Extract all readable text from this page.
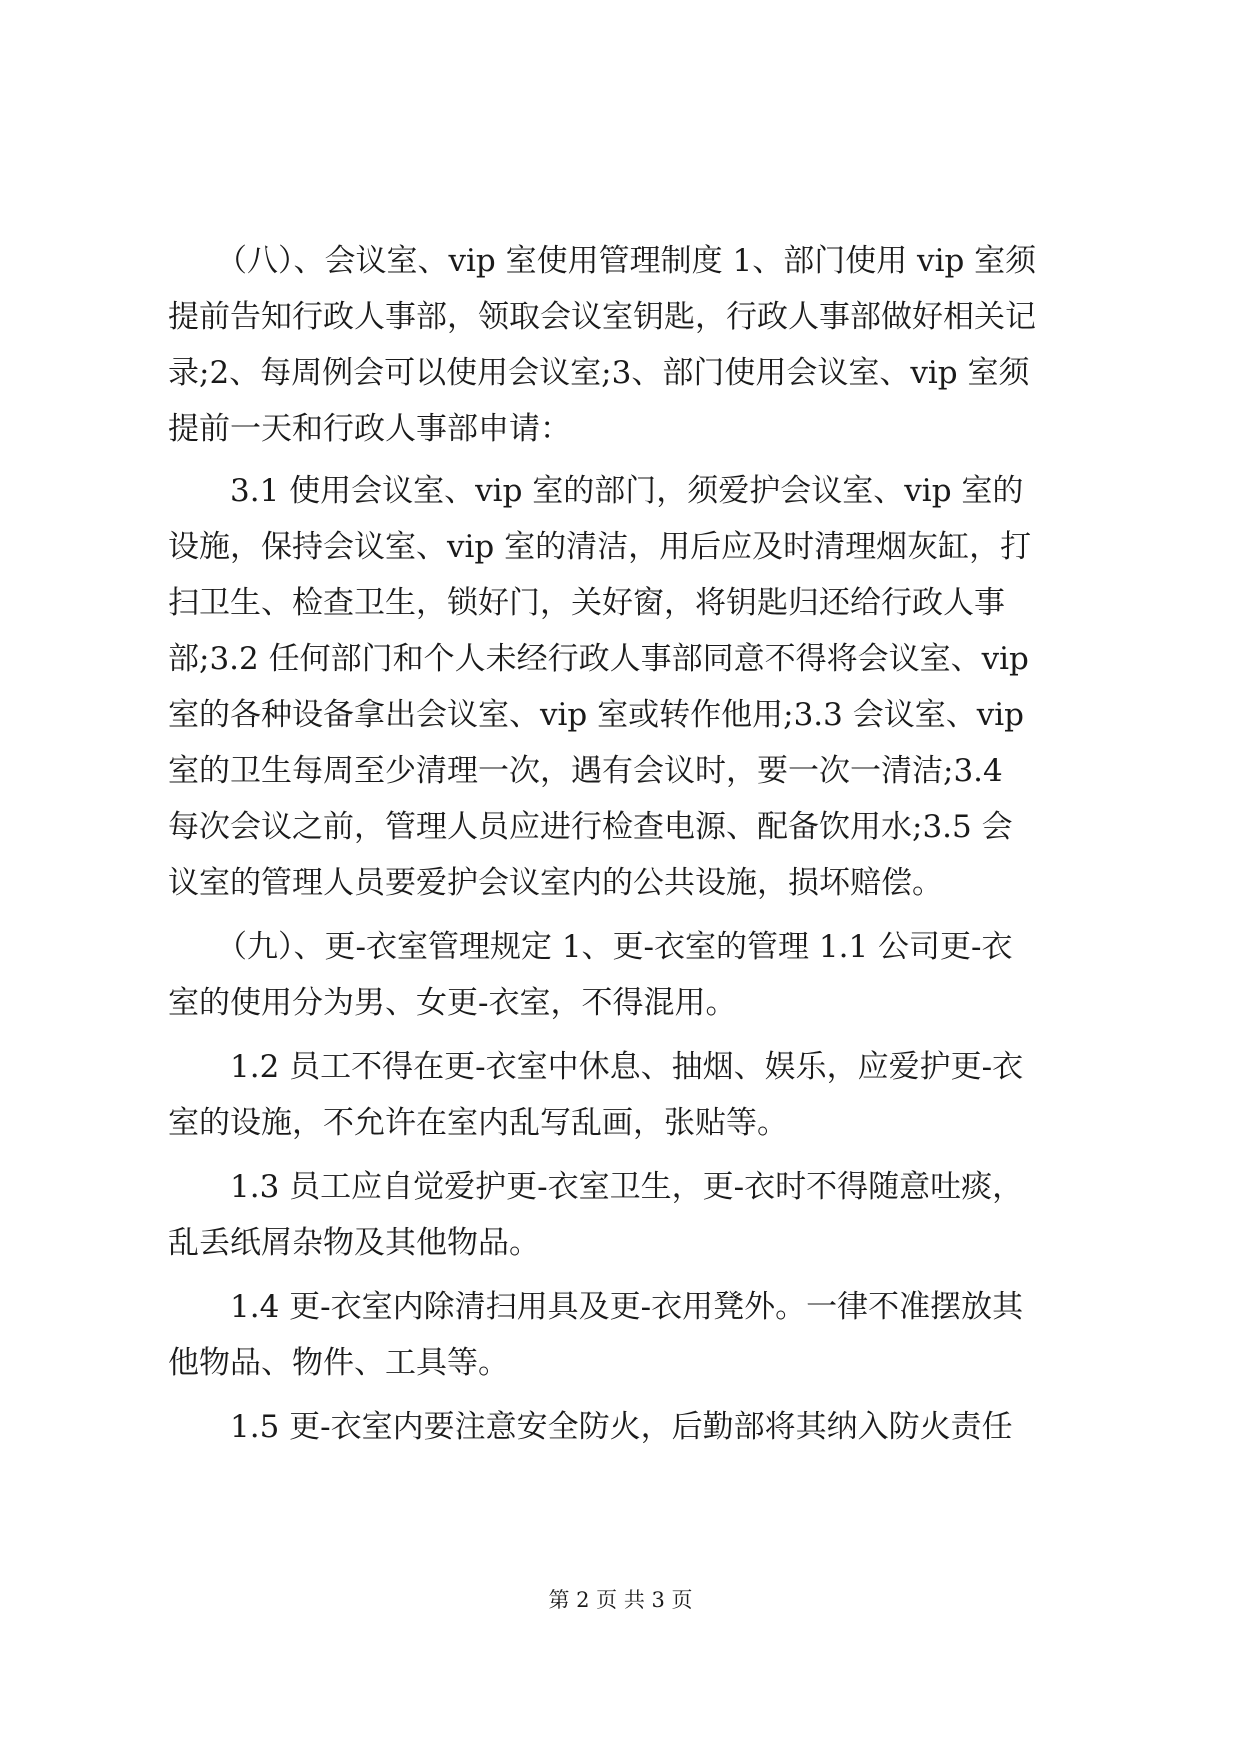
（八）、会议室、vip 室使用管理制度 1、部门使用 vip 室须
提前告知行政人事部，领取会议室钥匙，行政人事部做好相关记
录;2、每周例会可以使用会议室;3、部门使用会议室、vip 室须
提前一天和行政人事部申请：
3.1 使用会议室、vip 室的部门，须爱护会议室、vip 室的
设施，保持会议室、vip 室的清洁，用后应及时清理烟灰缸，打
扫卫生、检查卫生，锁好门，关好窗，将钥匙归还给行政人事
部;3.2 任何部门和个人未经行政人事部同意不得将会议室、vip
室的各种设备拿出会议室、vip 室或转作他用;3.3 会议室、vip
室的卫生每周至少清理一次，遇有会议时，要一次一清洁;3.4
每次会议之前，管理人员应进行检查电源、配备饮用水;3.5 会
议室的管理人员要爱护会议室内的公共设施，损坏赔偿。
（九）、更-衣室管理规定 1、更-衣室的管理 1.1 公司更-衣
室的使用分为男、女更-衣室，不得混用。
1.2 员工不得在更-衣室中休息、抽烟、娱乐，应爱护更-衣
室的设施，不允许在室内乱写乱画，张贴等。
1.3 员工应自觉爱护更-衣室卫生，更-衣时不得随意吐痰，
乱丢纸屑杂物及其他物品。
1.4 更-衣室内除清扫用具及更-衣用凳外。一律不准摆放其
他物品、物件、工具等。
1.5 更-衣室内要注意安全防火，后勤部将其纳入防火责任
第 2 页 共 3 页
